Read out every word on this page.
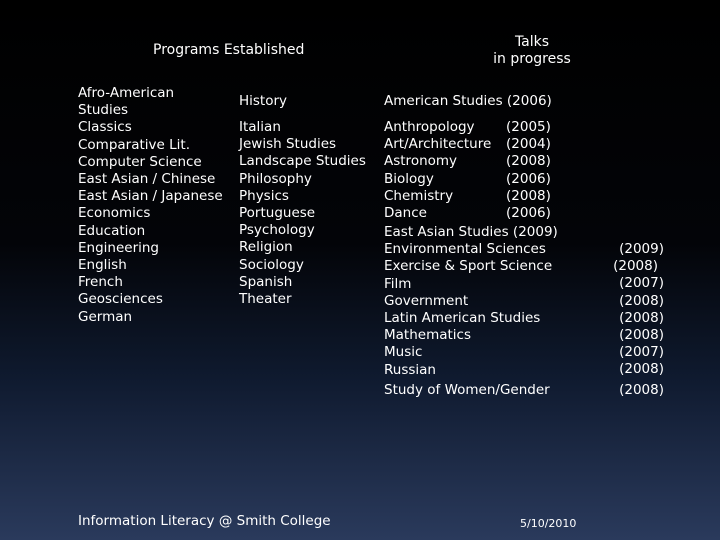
Programs Established	Talks
in progress
Afro-American
Studies
Classics
Comparative Lit.
Computer Science
East Asian / Chinese
East Asian / Japanese
Economics
Education
Engineering
English
French
Geosciences
German
History
Italian
Jewish Studies
Landscape Studies
Philosophy
Physics
Portuguese
Psychology
Religion
Sociology
Spanish
Theater
American Studies (2006)
Anthropology
Art/Architecture
Astronomy
Biology
Chemistry
Dance
(2005)
(2004)
(2008)
(2006)
(2008)
(2006)
East Asian Studies (2009)
Environmental Sciences
Exercise & Sport Science
Film
Government
Latin American Studies
Mathematics
Music
Russian
Study of Women/Gender
(2009)
(2008)
(2007)
(2008)
(2008)
(2008)
(2007)
(2008)
(2008)
Information Literacy @ Smith College	5/10/2010
